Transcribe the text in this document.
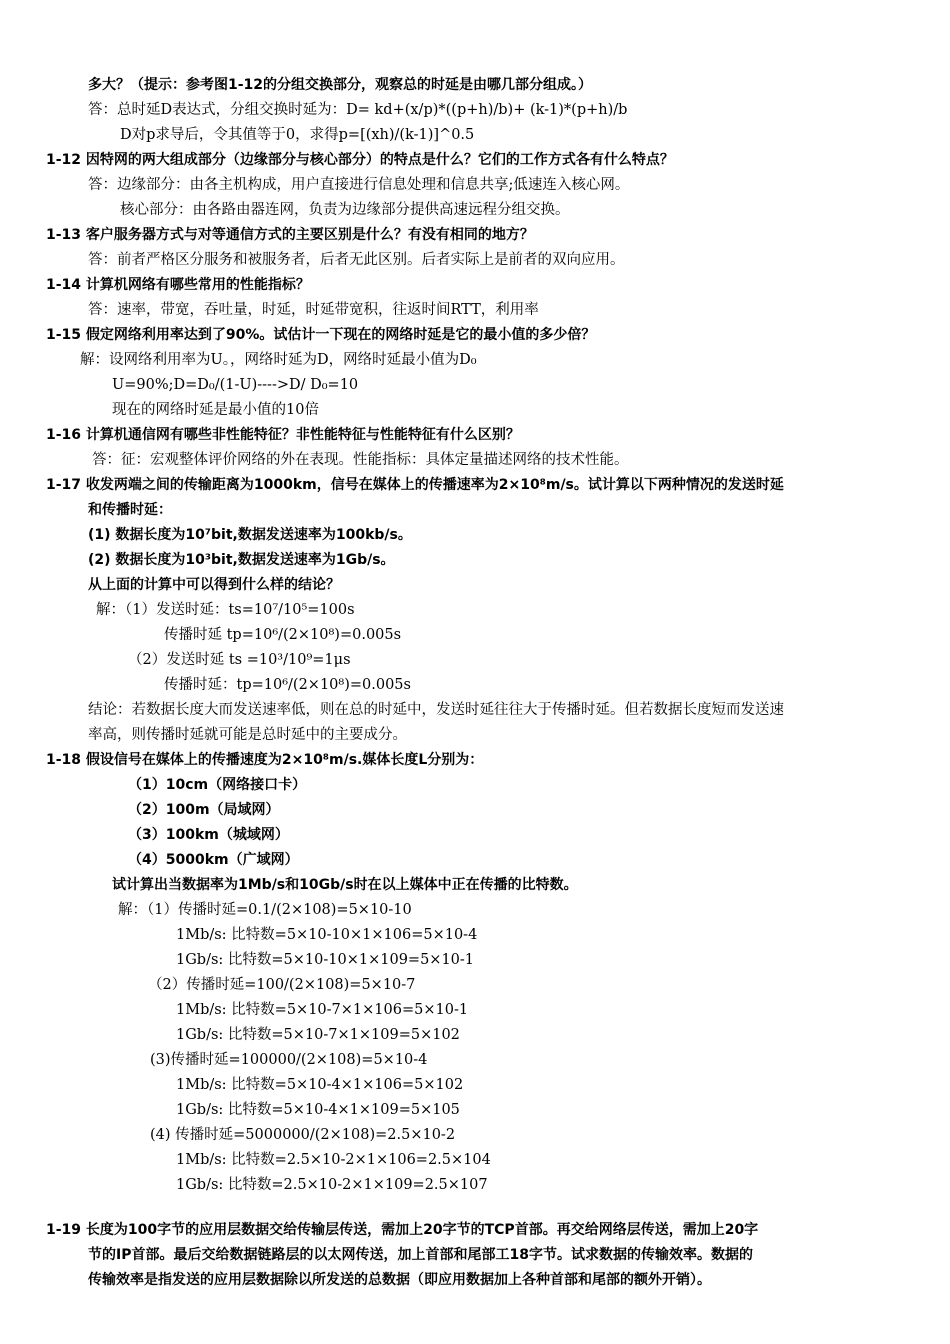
多大？（提示：参考图1-12的分组交换部分，观察总的时延是由哪几部分组成。）
答：总时延D表达式，分组交换时延为：D= kd+(x/p)*((p+h)/b)+ (k-1)*(p+h)/b
D对p求导后，令其值等于0，求得p=[(xh)/(k-1)]^0.5
1-12 因特网的两大组成部分（边缘部分与核心部分）的特点是什么？它们的工作方式各有什么特点？
答：边缘部分：由各主机构成，用户直接进行信息处理和信息共享;低速连入核心网。
核心部分：由各路由器连网，负责为边缘部分提供高速远程分组交换。
1-13 客户服务器方式与对等通信方式的主要区别是什么？有没有相同的地方？
答：前者严格区分服务和被服务者，后者无此区别。后者实际上是前者的双向应用。
1-14 计算机网络有哪些常用的性能指标？
答：速率，带宽，吞吐量，时延，时延带宽积，往返时间RTT，利用率
1-15 假定网络利用率达到了90%。试估计一下现在的网络时延是它的最小值的多少倍？
解：设网络利用率为U。，网络时延为D，网络时延最小值为D₀
U=90%;D=D₀/(1-U)---->D/ D₀=10
现在的网络时延是最小值的10倍
1-16 计算机通信网有哪些非性能特征？非性能特征与性能特征有什么区别？
答：征：宏观整体评价网络的外在表现。性能指标：具体定量描述网络的技术性能。
1-17 收发两端之间的传输距离为1000km，信号在媒体上的传播速率为2×10⁸m/s。试计算以下两种情况的发送时延
和传播时延：
(1) 数据长度为10⁷bit,数据发送速率为100kb/s。
(2) 数据长度为10³bit,数据发送速率为1Gb/s。
从上面的计算中可以得到什么样的结论？
解：（1）发送时延：ts=10⁷/10⁵=100s
传播时延 tp=10⁶/(2×10⁸)=0.005s
（2）发送时延 ts =10³/10⁹=1μs
传播时延：tp=10⁶/(2×10⁸)=0.005s
结论：若数据长度大而发送速率低，则在总的时延中，发送时延往往大于传播时延。但若数据长度短而发送速
率高，则传播时延就可能是总时延中的主要成分。
1-18 假设信号在媒体上的传播速度为2×10⁸m/s.媒体长度L分别为：
（1）10cm（网络接口卡）
（2）100m（局域网）
（3）100km（城域网）
（4）5000km（广域网）
试计算出当数据率为1Mb/s和10Gb/s时在以上媒体中正在传播的比特数。
解：（1）传播时延=0.1/(2×108)=5×10-10
1Mb/s: 比特数=5×10-10×1×106=5×10-4
1Gb/s: 比特数=5×10-10×1×109=5×10-1
（2）传播时延=100/(2×108)=5×10-7
1Mb/s: 比特数=5×10-7×1×106=5×10-1
1Gb/s: 比特数=5×10-7×1×109=5×102
(3)传播时延=100000/(2×108)=5×10-4
1Mb/s: 比特数=5×10-4×1×106=5×102
1Gb/s: 比特数=5×10-4×1×109=5×105
(4) 传播时延=5000000/(2×108)=2.5×10-2
1Mb/s: 比特数=2.5×10-2×1×106=2.5×104
1Gb/s: 比特数=2.5×10-2×1×109=2.5×107
1-19 长度为100字节的应用层数据交给传输层传送，需加上20字节的TCP首部。再交给网络层传送，需加上20字
节的IP首部。最后交给数据链路层的以太网传送，加上首部和尾部工18字节。试求数据的传输效率。数据的
传输效率是指发送的应用层数据除以所发送的总数据（即应用数据加上各种首部和尾部的额外开销）。
